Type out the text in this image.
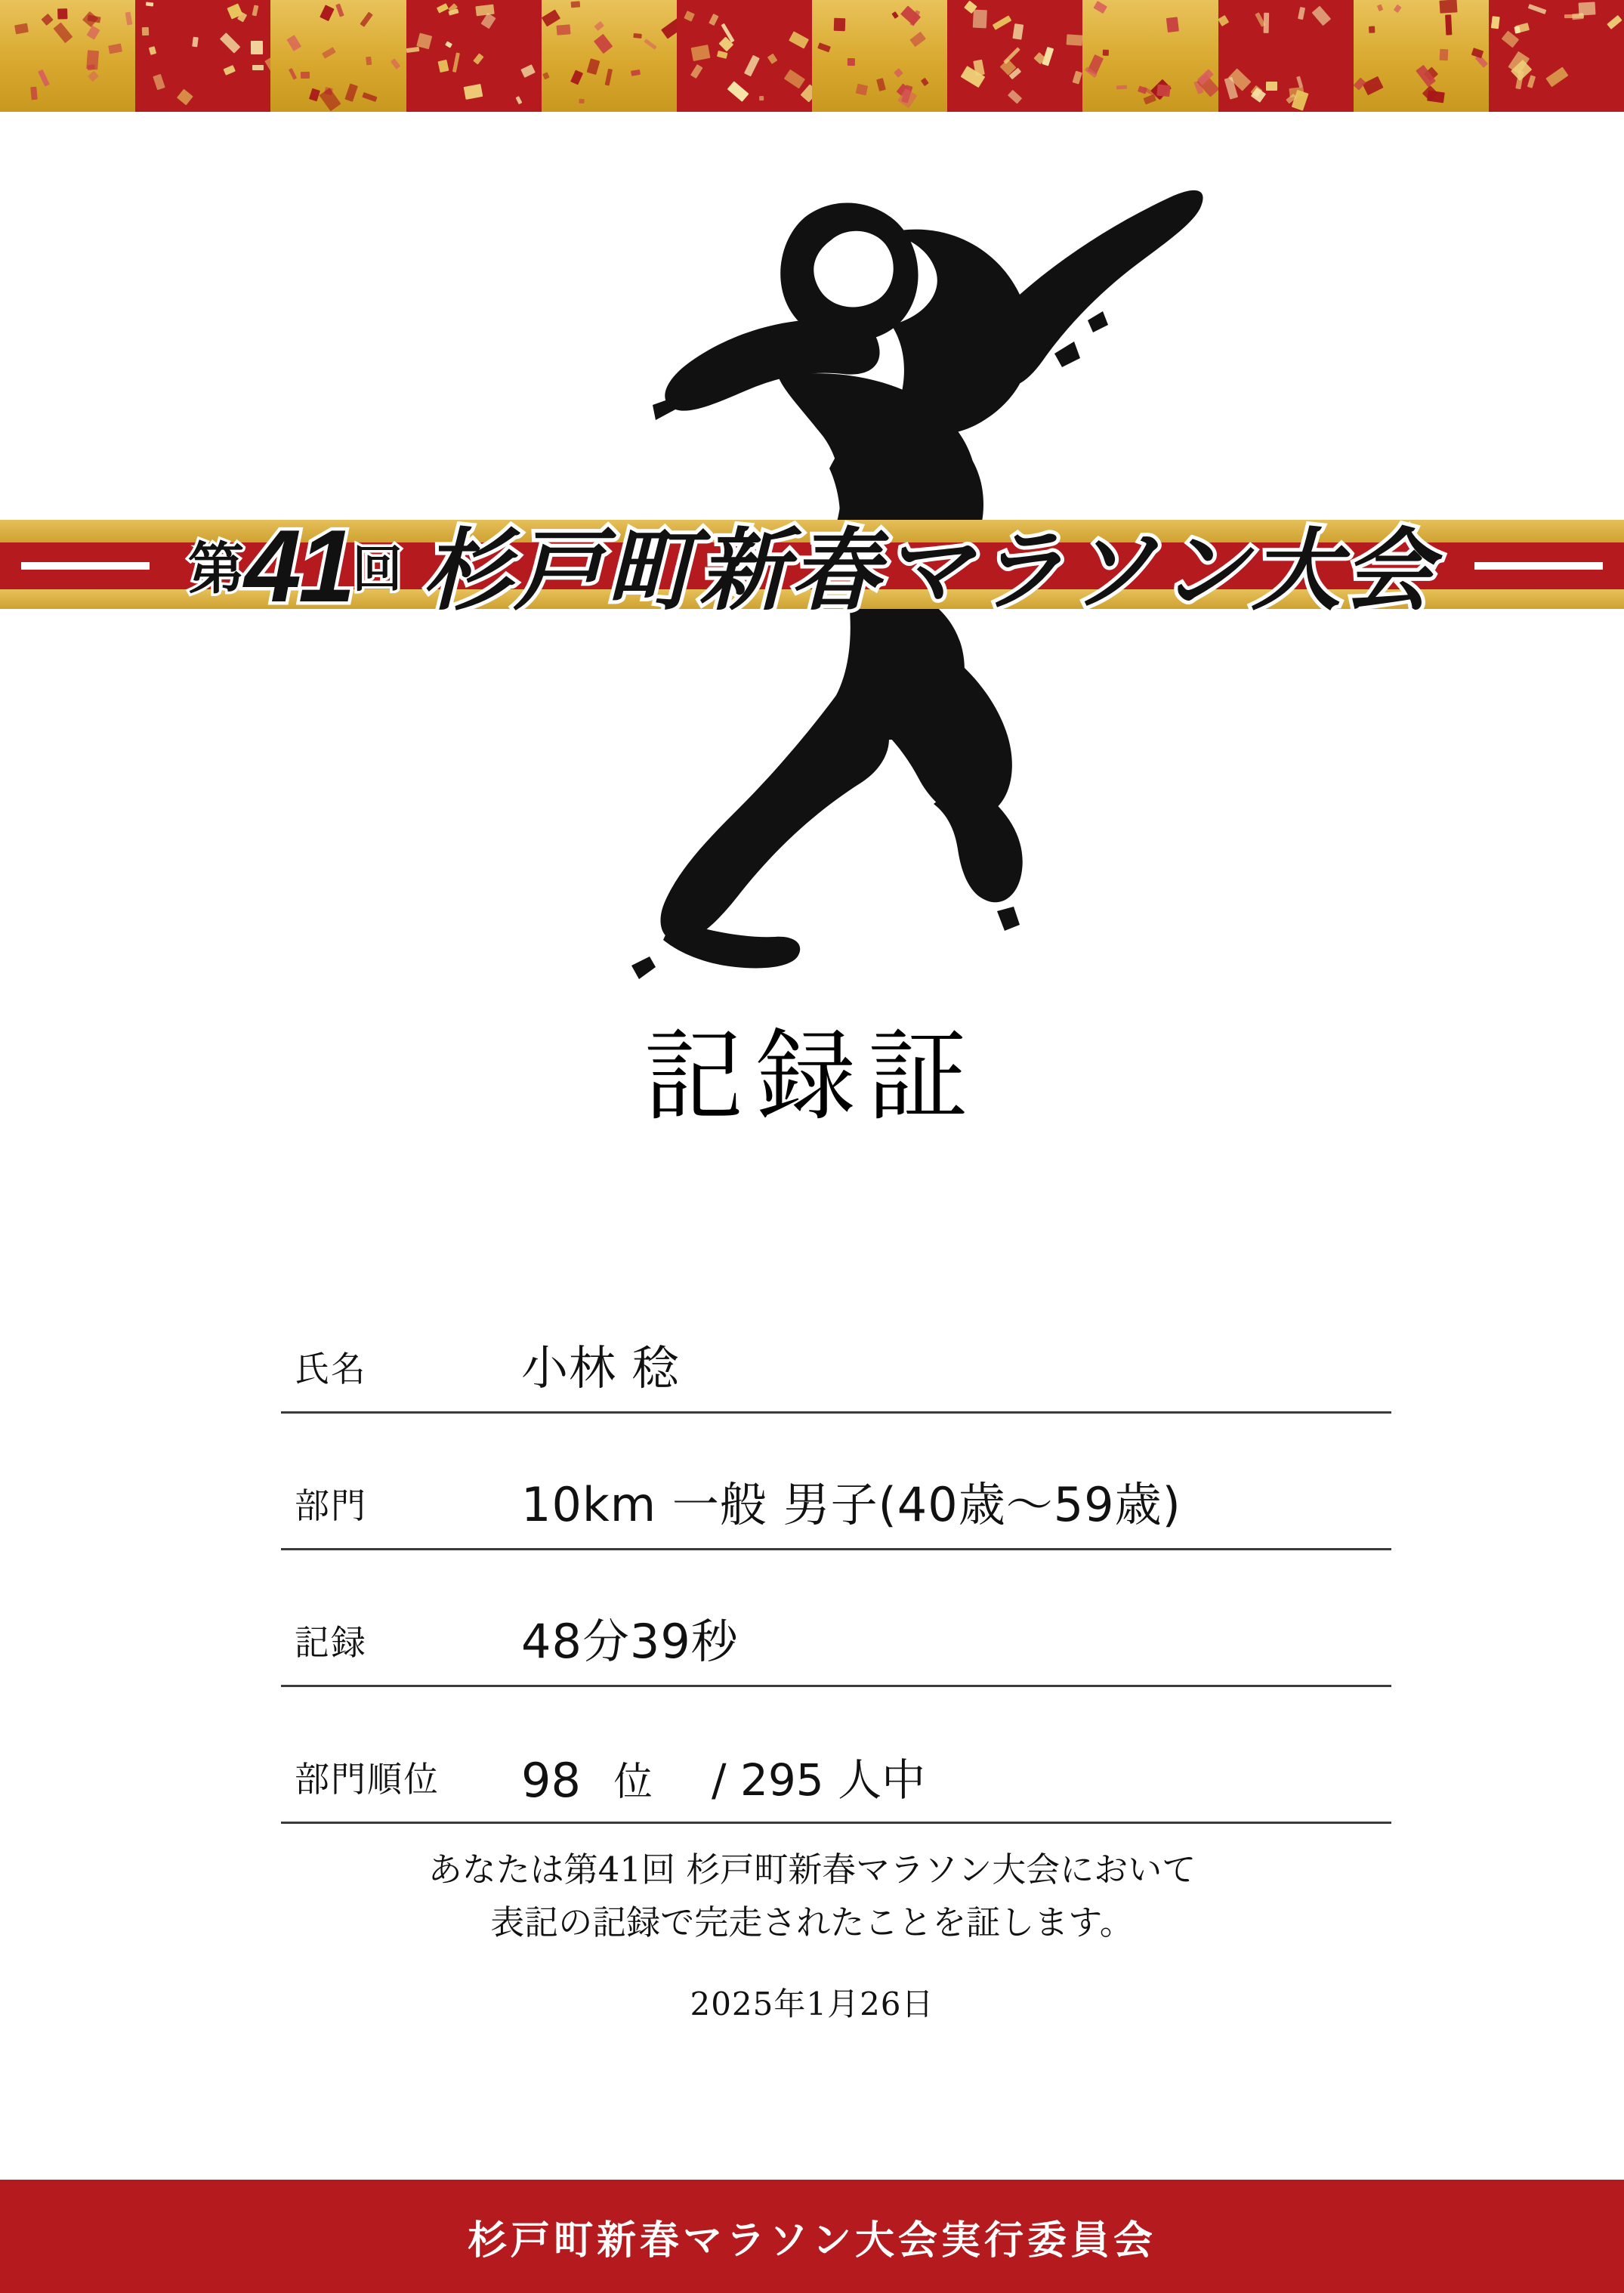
第41回 杉戸町新春マラソン大会
記録証
氏名	小林 稔
部門	10km 一般 男子(40歳〜59歳)
記録	48分39秒
部門順位 98 位 / 295 人中
あなたは第41回 杉戸町新春マラソン大会において
表記の記録で完走されたことを証します。
2025年1月26日
杉戸町新春マラソン大会実行委員会
